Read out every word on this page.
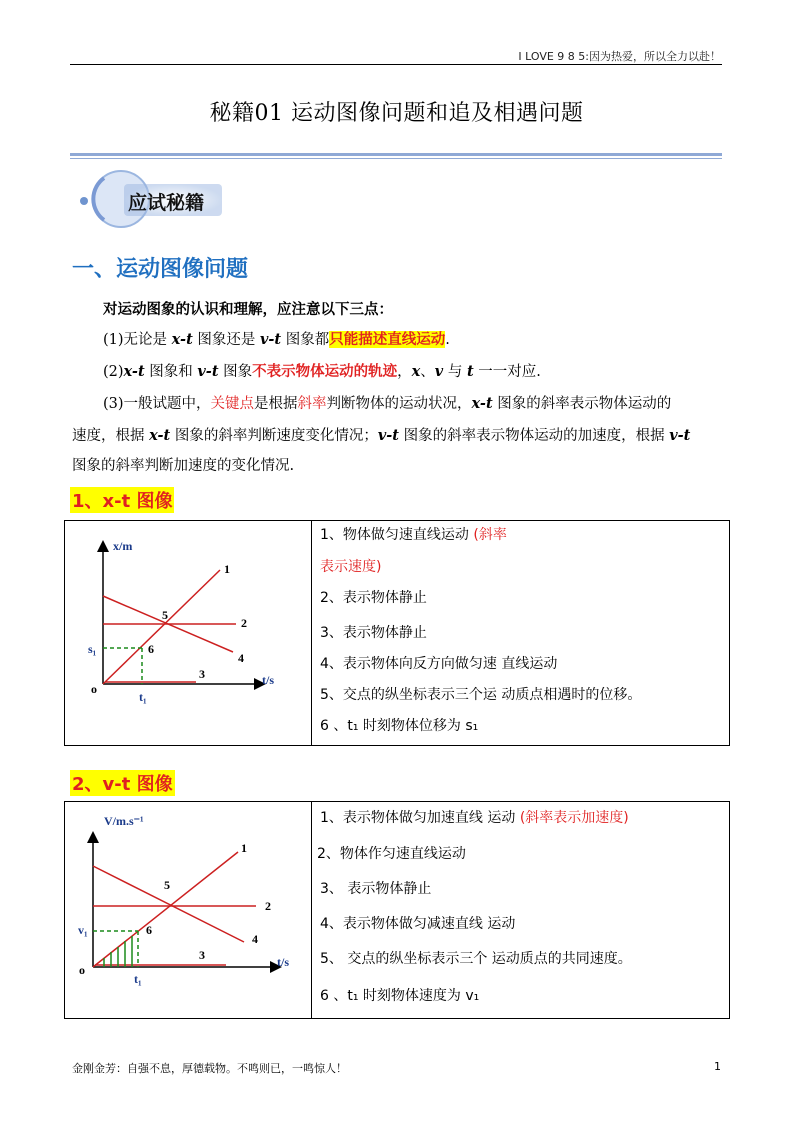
I LOVE 9 8 5:因为热爱，所以全力以赴！
秘籍01 运动图像问题和追及相遇问题
应试秘籍
一、运动图像问题
对运动图象的认识和理解，应注意以下三点：
(1)无论是 x-t 图象还是 v-t 图象都只能描述直线运动.
(2)x-t 图象和 v-t 图象不表示物体运动的轨迹，x、v 与 t 一一对应.
(3)一般试题中，关键点是根据斜率判断物体的运动状况，x-t 图象的斜率表示物体运动的
速度，根据 x-t 图象的斜率判断速度变化情况；v-t 图象的斜率表示物体运动的加速度，根据 v-t
图象的斜率判断加速度的变化情况.
1、x-t 图像
x/m
t/s
o
s₁
t₁
1
2
3
4
5
6
1、物体做匀速直线运动 (斜率
表示速度)
2、表示物体静止
3、表示物体静止
4、表示物体向反方向做匀速 直线运动
5、交点的纵坐标表示三个运 动质点相遇时的位移。
6 、t₁ 时刻物体位移为 s₁
2、v-t 图像
V/m.s⁻¹
t/s
o
v₁
t₁
1
2
3
4
5
6
1、表示物体做匀加速直线 运动 (斜率表示加速度)
2、物体作匀速直线运动
3、 表示物体静止
4、表示物体做匀减速直线 运动
5、 交点的纵坐标表示三个 运动质点的共同速度。
6 、t₁ 时刻物体速度为 v₁
金刚金芳：自强不息，厚德载物。不鸣则已，一鸣惊人！	1
